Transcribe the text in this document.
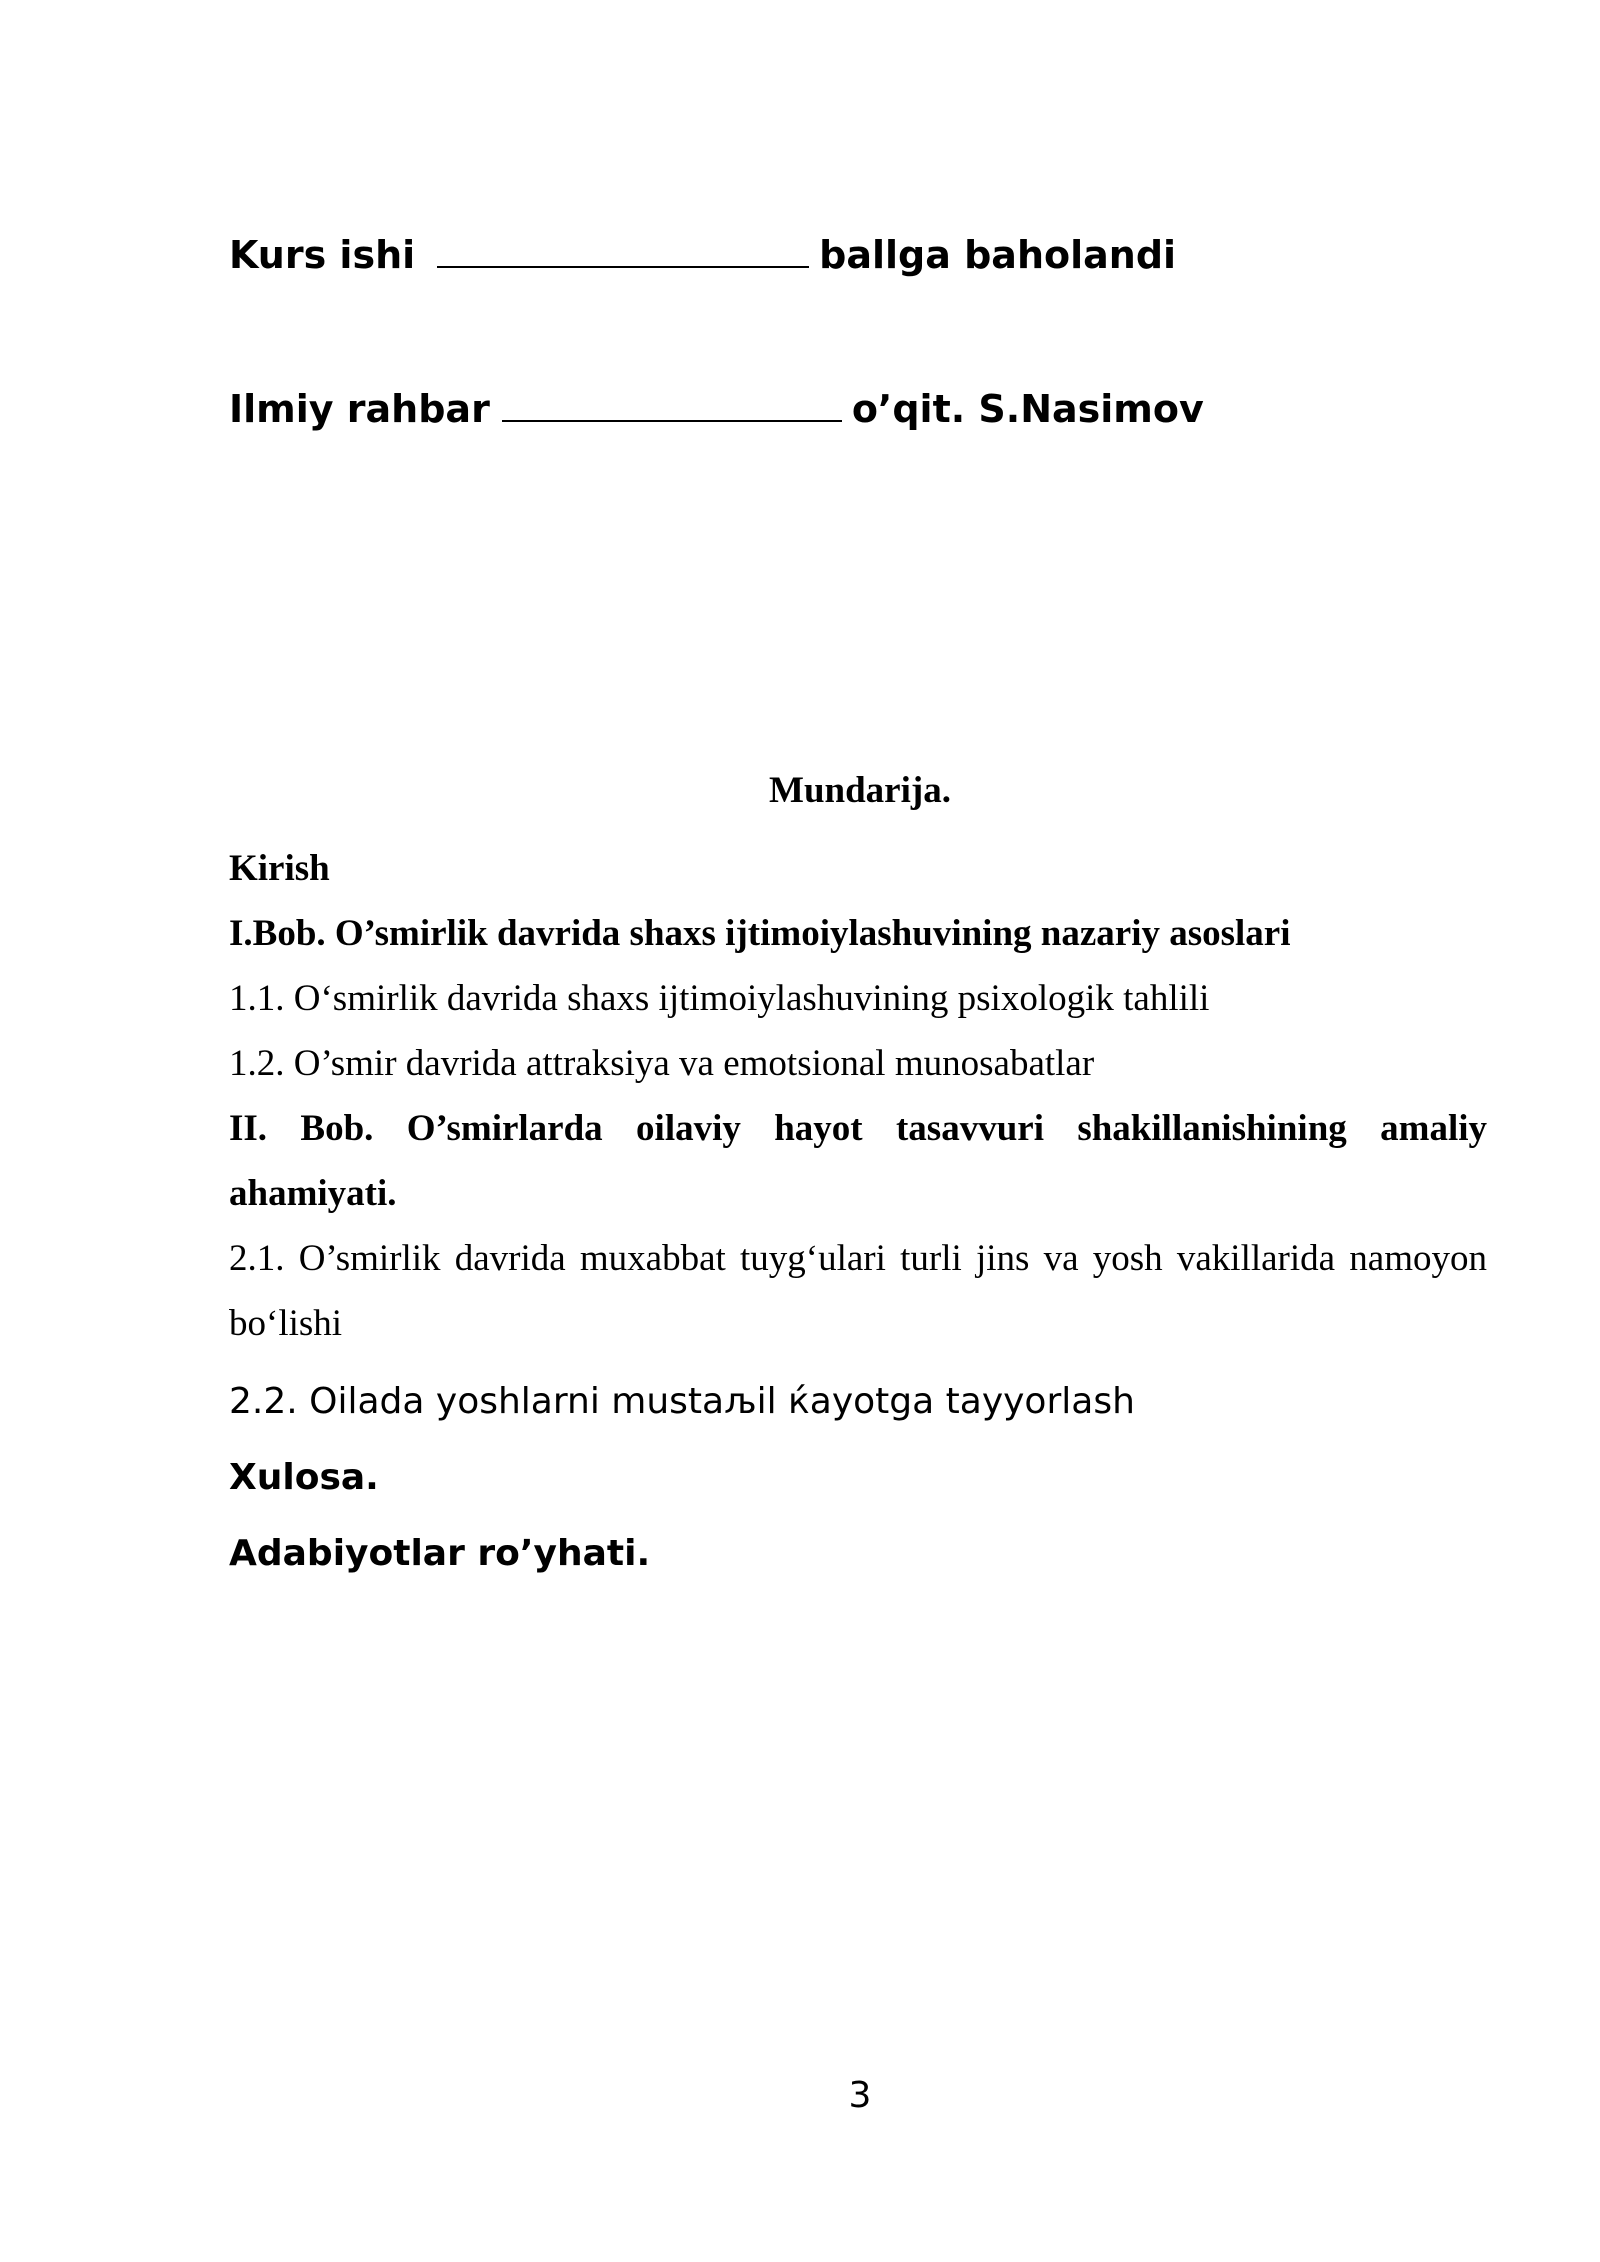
Kurs ishi	ballga baholandi
Ilmiy rahbar	o’qit. S.Nasimov
Mundarija.
Kirish
I.Bob. O’smirlik davrida shaxs ijtimoiylashuvining nazariy asoslari
1.1. O‘smirlik davrida shaxs ijtimoiylashuvining psixologik tahlili
1.2. O’smir davrida attraksiya va emotsional munosabatlar
II. Bob. O’smirlarda oilaviy hayot tasavvuri shakillanishining amaliy ahamiyati.
2.1. O’smirlik davrida muxabbat tuyg‘ulari turli jins va yosh vakillarida namoyon bo‘lishi
2.2. Oilada yoshlarni mustaљil ќayotga tayyorlash
Xulosa.
Adabiyotlar ro’yhati.
3
